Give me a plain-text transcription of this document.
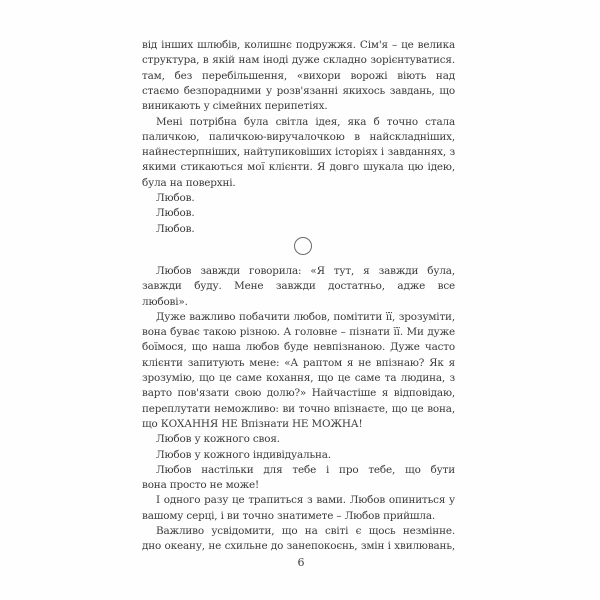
від інших шлюбів, колишнє подружжя. Сім'я – це велика
структура, в якій нам іноді дуже складно зорієнтуватися.
там, без перебільшення, «вихори ворожі віють над
стаємо безпорадними у розв'язанні якихось завдань, що
виникають у сімейних перипетіях.
Мені потрібна була світла ідея, яка б точно стала
паличкою, паличкою-виручалочкою в найскладніших,
найнестерпніших, найтупиковіших історіях і завданнях, з
якими стикаються мої клієнти. Я довго шукала цю ідею,
була на поверхні.
Любов.
Любов.
Любов.
Любов завжди говорила: «Я тут, я завжди була,
завжди буду. Мене завжди достатньо, адже все
любові».
Дуже важливо побачити любов, помітити її, зрозуміти,
вона буває такою різною. А головне – пізнати її. Ми дуже
боїмося, що наша любов буде невпізнаною. Дуже часто
клієнти запитують мене: «А раптом я не впізнаю? Як я
зрозумію, що це саме кохання, що це саме та людина, з
варто пов'язати свою долю?» Найчастіше я відповідаю,
переплутати неможливо: ви точно впізнаєте, що це вона,
що КОХАННЯ НЕ Впізнати НЕ МОЖНА!
Любов у кожного своя.
Любов у кожного індивідуальна.
Любов настільки для тебе і про тебе, що бути
вона просто не може!
І одного разу це трапиться з вами. Любов опиниться у
вашому серці, і ви точно знатимете – Любов прийшла.
Важливо усвідомити, що на світі є щось незмінне.
дно океану, не схильне до занепокоєнь, змін і хвилювань,
6
